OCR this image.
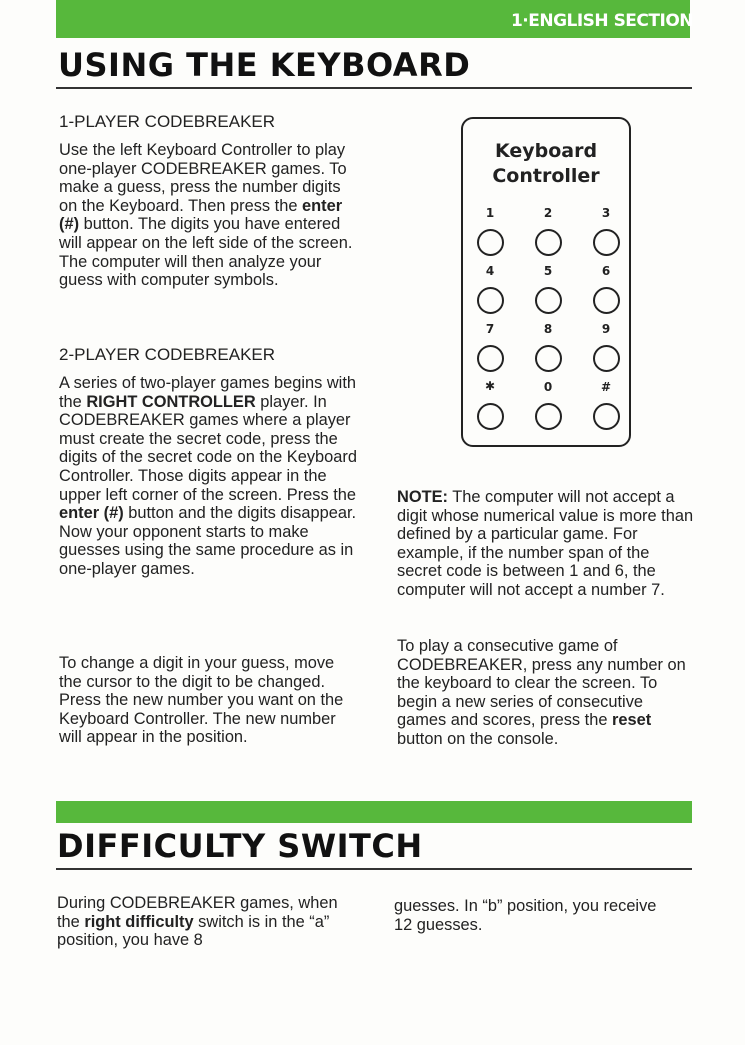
1·ENGLISH SECTION
USING THE KEYBOARD
1-PLAYER CODEBREAKER

Use the left Keyboard Controller to play one-player CODEBREAKER games. To make a guess, press the number digits on the Keyboard. Then press the enter (#) button. The digits you have entered will appear on the left side of the screen. The computer will then analyze your guess with computer symbols.

2-PLAYER CODEBREAKER

A series of two-player games begins with the RIGHT CONTROLLER player. In CODEBREAKER games where a player must create the secret code, press the digits of the secret code on the Keyboard Controller. Those digits appear in the upper left corner of the screen. Press the enter (#) button and the digits disappear. Now your opponent starts to make guesses using the same procedure as in one-player games.

To change a digit in your guess, move the cursor to the digit to be changed. Press the new number you want on the Keyboard Controller. The new number will appear in the position.

Keyboard
Controller

1	2	3
4	5	6
7	8	9
✱	0	#

NOTE: The computer will not accept a digit whose numerical value is more than defined by a particular game. For example, if the number span of the secret code is between 1 and 6, the computer will not accept a number 7.

To play a consecutive game of CODEBREAKER, press any number on the keyboard to clear the screen. To begin a new series of consecutive games and scores, press the reset button on the console.

DIFFICULTY SWITCH

During CODEBREAKER games, when the right difficulty switch is in the “a” position, you have 8

guesses. In “b” position, you receive 12 guesses.
